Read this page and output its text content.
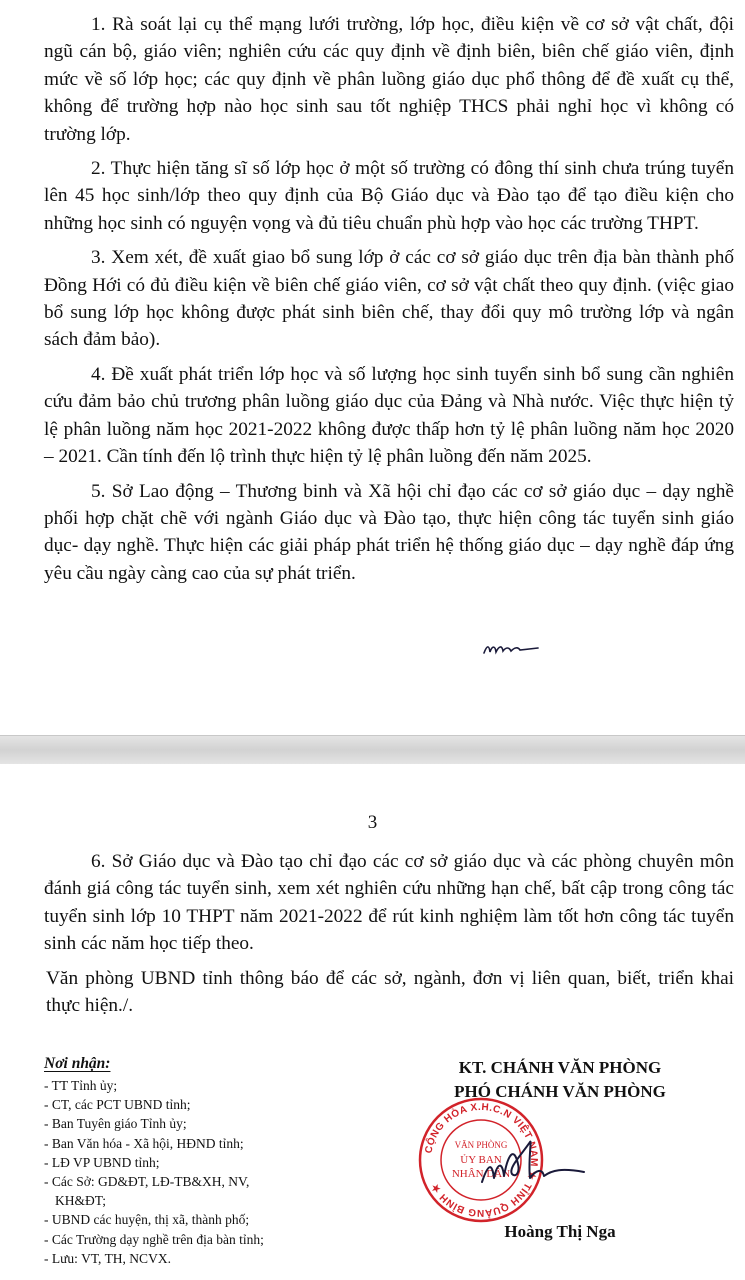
1. Rà soát lại cụ thể mạng lưới trường, lớp học, điều kiện về cơ sở vật chất, đội ngũ cán bộ, giáo viên; nghiên cứu các quy định về định biên, biên chế giáo viên, định mức về số lớp học; các quy định về phân luồng giáo dục phổ thông để đề xuất cụ thể, không để trường hợp nào học sinh sau tốt nghiệp THCS phải nghỉ học vì không có trường lớp.

2. Thực hiện tăng sĩ số lớp học ở một số trường có đông thí sinh chưa trúng tuyển lên 45 học sinh/lớp theo quy định của Bộ Giáo dục và Đào tạo để tạo điều kiện cho những học sinh có nguyện vọng và đủ tiêu chuẩn phù hợp vào học các trường THPT.

3. Xem xét, đề xuất giao bổ sung lớp ở các cơ sở giáo dục trên địa bàn thành phố Đồng Hới có đủ điều kiện về biên chế giáo viên, cơ sở vật chất theo quy định. (việc giao bổ sung lớp học không được phát sinh biên chế, thay đổi quy mô trường lớp và ngân sách đảm bảo).

4. Đề xuất phát triển lớp học và số lượng học sinh tuyển sinh bổ sung cần nghiên cứu đảm bảo chủ trương phân luồng giáo dục của Đảng và Nhà nước. Việc thực hiện tỷ lệ phân luồng năm học 2021-2022 không được thấp hơn tỷ lệ phân luồng năm học 2020 – 2021. Cần tính đến lộ trình thực hiện tỷ lệ phân luồng đến năm 2025.

5. Sở Lao động – Thương binh và Xã hội chỉ đạo các cơ sở giáo dục – dạy nghề phối hợp chặt chẽ với ngành Giáo dục và Đào tạo, thực hiện công tác tuyển sinh giáo dục- dạy nghề. Thực hiện các giải pháp phát triển hệ thống giáo dục – dạy nghề đáp ứng yêu cầu ngày càng cao của sự phát triển.

3

6. Sở Giáo dục và Đào tạo chỉ đạo các cơ sở giáo dục và các phòng chuyên môn đánh giá công tác tuyển sinh, xem xét nghiên cứu những hạn chế, bất cập trong công tác tuyển sinh lớp 10 THPT năm 2021-2022 để rút kinh nghiệm làm tốt hơn công tác tuyển sinh các năm học tiếp theo.

Văn phòng UBND tỉnh thông báo để các sở, ngành, đơn vị liên quan, biết, triển khai thực hiện./.

Nơi nhận:
- TT Tỉnh ủy;
- CT, các PCT UBND tỉnh;
- Ban Tuyên giáo Tỉnh ủy;
- Ban Văn hóa - Xã hội, HĐND tỉnh;
- LĐ VP UBND tỉnh;
- Các Sở: GD&ĐT, LĐ-TB&XH, NV,
KH&ĐT;
- UBND các huyện, thị xã, thành phố;
- Các Trường dạy nghề trên địa bàn tỉnh;
- Lưu: VT, TH, NCVX.
KT. CHÁNH VĂN PHÒNG
PHÓ CHÁNH VĂN PHÒNG
CỘNG HÒA X.H.C.N VIỆT NAM ★ TỈNH QUẢNG BÌNH ★
VĂN PHÒNG
ỦY BAN
NHÂN DÂN
Hoàng Thị Nga
